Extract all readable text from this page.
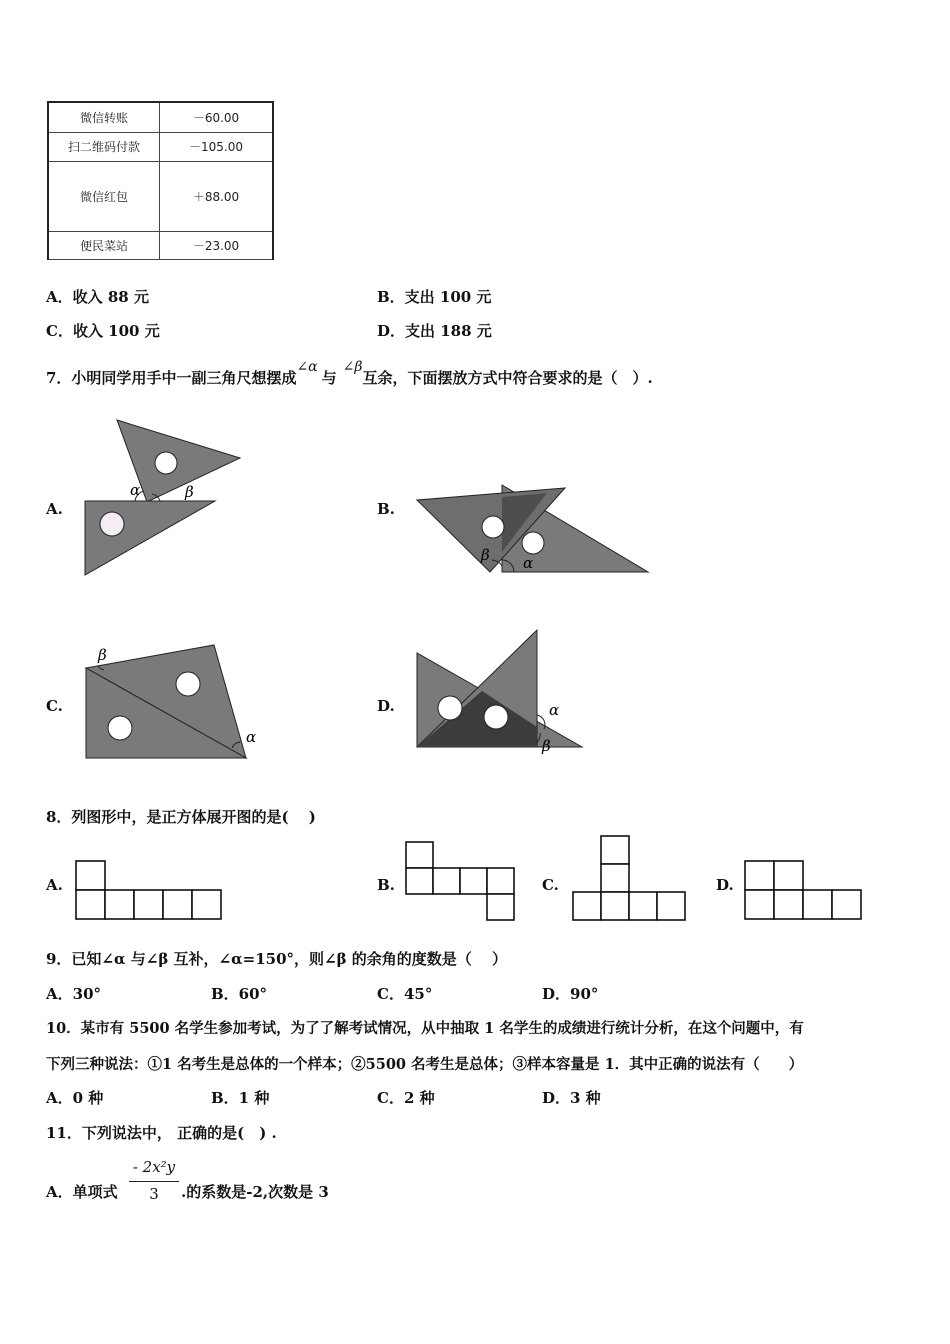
微信转账	－60.00
扫二维码付款	－105.00
微信红包	＋88.00
便民菜站	－23.00
A．收入 88 元	B．支出 100 元
C．收入 100 元	D．支出 188 元
7．小明同学用手中一副三角尺想摆成∠α与∠β互余，下面摆放方式中符合要求的是（　）.
A.	B.
C.	D.
α	β
β α
β
α
α
β
8．列图形中，是正方体展开图的是(　 )
A.	B.	C.	D.
9．已知∠α 与∠β 互补，∠α=150°，则∠β 的余角的度数是（　 ）
A．30°	B．60°	C．45°	D．90°
10．某市有 5500 名学生参加考试，为了了解考试情况，从中抽取 1 名学生的成绩进行统计分析，在这个问题中，有
下列三种说法：①1 名考生是总体的一个样本；②5500 名考生是总体；③样本容量是 1．其中正确的说法有（　　）
A．0 种	B．1 种	C．2 种	D．3 种
11．下列说法中， 正确的是(　) .
A．单项式
- 2x²y
3	.的系数是-2,次数是 3
